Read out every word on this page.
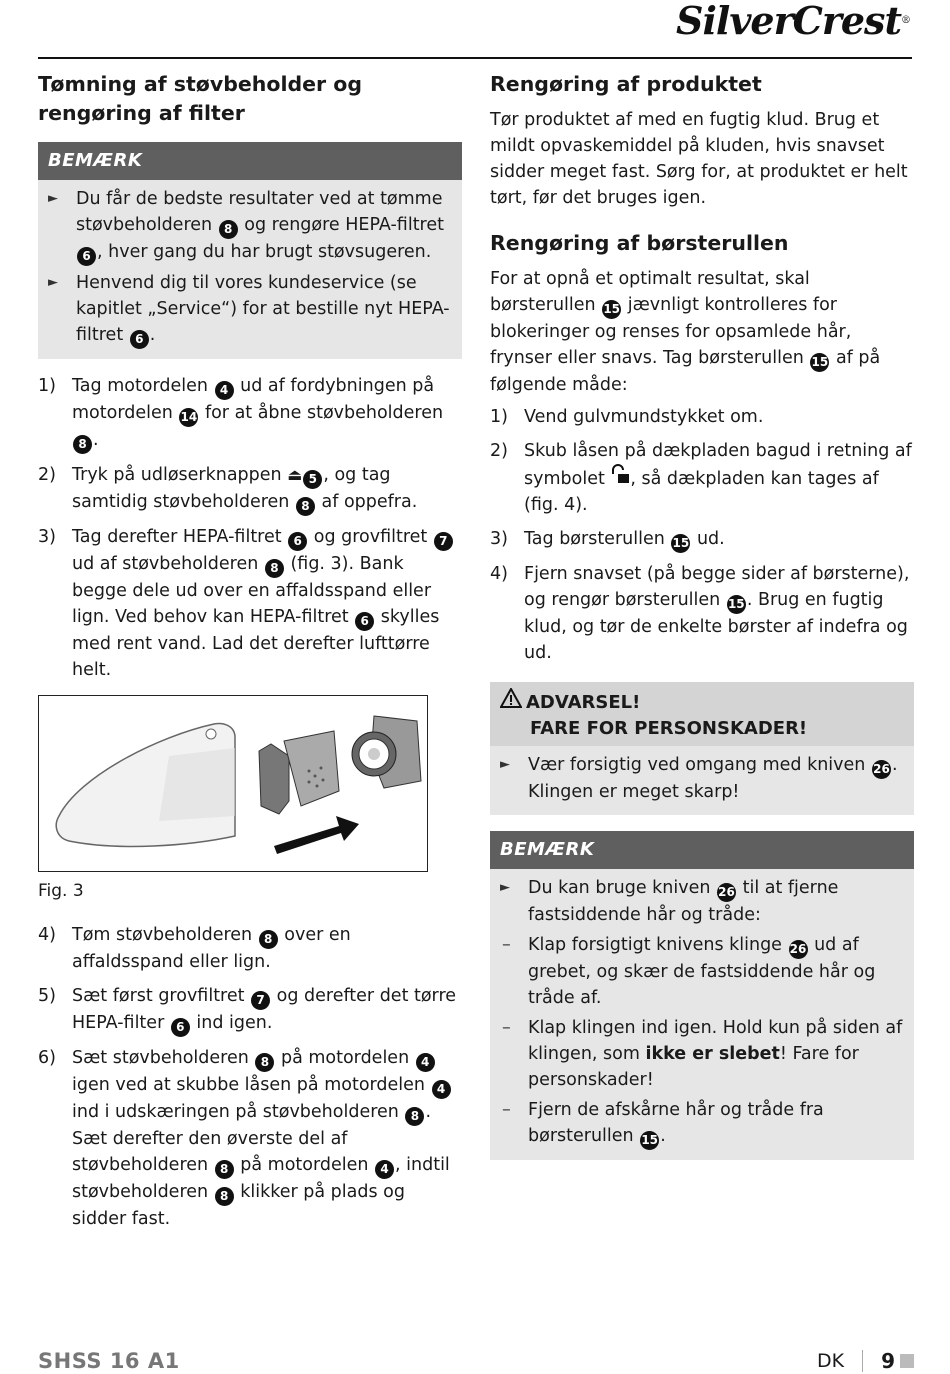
SilverCrest®
Tømning af støvbeholder og rengøring af filter
BEMÆRK
►	Du får de bedste resultater ved at tømme støvbeholderen 8 og rengøre HEPA-filtret 6 , hver gang du har brugt støvsugeren.
►	Henvend dig til vores kundeservice (se kapitlet „Service“) for at bestille nyt HEPA-filtret 6 .
1) Tag motordelen 4 ud af fordybningen på motordelen 14 for at åbne støvbeholderen 8 .
2) Tryk på udløserknappen ⏏ 5 , og tag samtidig støvbeholderen 8 af oppefra.
3) Tag derefter HEPA-filtret 6 og grovfiltret 7 ud af støvbeholderen 8 (fig. 3). Bank begge dele ud over en affaldsspand eller lign. Ved behov kan HEPA-filtret 6 skylles med rent vand. Lad det derefter lufttørre helt.
Fig. 3
4) Tøm støvbeholderen 8 over en affaldsspand eller lign.
5) Sæt først grovfiltret 7 og derefter det tørre HEPA-filter 6 ind igen.
6) Sæt støvbeholderen 8 på motordelen 4 igen ved at skubbe låsen på motordelen 4 ind i udskæringen på støvbeholderen 8 . Sæt derefter den øverste del af støvbeholderen 8 på motordelen 4 , indtil støvbeholderen 8 klikker på plads og sidder fast.
Rengøring af produktet

Tør produktet af med en fugtig klud. Brug et mildt opvaskemiddel på kluden, hvis snavset sidder meget fast. Sørg for, at produktet er helt tørt, før det bruges igen.

Rengøring af børsterullen

For at opnå et optimalt resultat, skal børsterullen 15 jævnligt kontrolleres for blokeringer og renses for opsamlede hår, frynser eller snavs. Tag børsterullen 15 af på følgende måde:

1) Vend gulvmundstykket om.
2) Skub låsen på dækpladen bagud i retning af symbolet , så dækpladen kan tages af (fig. 4).
3) Tag børsterullen 15 ud.
4) Fjern snavset (på begge sider af børsterne), og rengør børsterullen 15 . Brug en fugtig klud, og tør de enkelte børster af indefra og ud.
ADVARSEL!
FARE FOR PERSONSKADER!
►	Vær forsigtig ved omgang med kniven 26 . Klingen er meget skarp!
BEMÆRK
►	Du kan bruge kniven 26 til at fjerne fastsiddende hår og tråde:
– Klap forsigtigt knivens klinge 26 ud af grebet, og skær de fastsiddende hår og tråde af.
– Klap klingen ind igen. Hold kun på siden af klingen, som ikke er slebet! Fare for personskader!
– Fjern de afskårne hår og tråde fra børsterullen 15 .
SHSS 16 A1	DK 9
